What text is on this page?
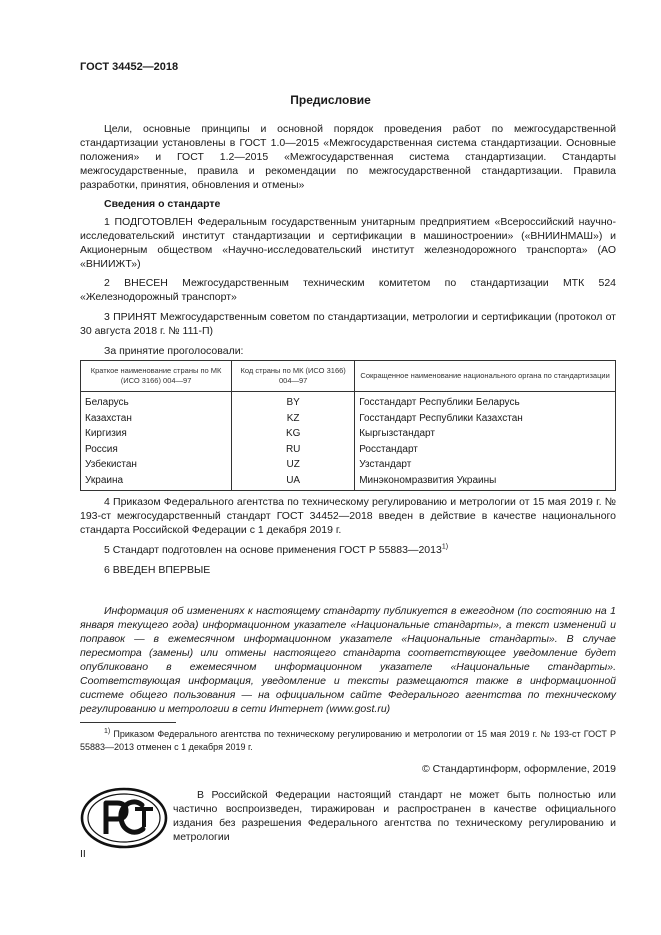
ГОСТ 34452—2018
Предисловие

Цели, основные принципы и основной порядок проведения работ по межгосударственной стандартизации установлены в ГОСТ 1.0—2015 «Межгосударственная система стандартизации. Основные положения» и ГОСТ 1.2—2015 «Межгосударственная система стандартизации. Стандарты межгосударственные, правила и рекомендации по межгосударственной стандартизации. Правила разработки, принятия, обновления и отмены»

Сведения о стандарте

1 ПОДГОТОВЛЕН Федеральным государственным унитарным предприятием «Всероссийский научно-исследовательский институт стандартизации и сертификации в машиностроении» («ВНИИНМАШ») и Акционерным обществом «Научно-исследовательский институт железнодорожного транспорта» (АО «ВНИИЖТ»)

2 ВНЕСЕН Межгосударственным техническим комитетом по стандартизации МТК 524 «Железнодорожный транспорт»

3 ПРИНЯТ Межгосударственным советом по стандартизации, метрологии и сертификации (протокол от 30 августа 2018 г. № 111-П)

За принятие проголосовали:

Краткое наименование страны по МК (ИСО 3166) 004—97	Код страны по МК (ИСО 3166) 004—97	Сокращенное наименование национального органа по стандартизации
Беларусь	BY	Госстандарт Республики Беларусь
Казахстан	KZ	Госстандарт Республики Казахстан
Киргизия	KG	Кыргызстандарт
Россия	RU	Росстандарт
Узбекистан	UZ	Узстандарт
Украина	UA	Минэкономразвития Украины

4 Приказом Федерального агентства по техническому регулированию и метрологии от 15 мая 2019 г. № 193-ст межгосударственный стандарт ГОСТ 34452—2018 введен в действие в качестве национального стандарта Российской Федерации с 1 декабря 2019 г.

5 Стандарт подготовлен на основе применения ГОСТ Р 55883—2013$^{1)}$

6 ВВЕДЕН ВПЕРВЫЕ

Информация об изменениях к настоящему стандарту публикуется в ежегодном (по состоянию на 1 января текущего года) информационном указателе «Национальные стандарты», а текст изменений и поправок — в ежемесячном информационном указателе «Национальные стандарты». В случае пересмотра (замены) или отмены настоящего стандарта соответствующее уведомление будет опубликовано в ежемесячном информационном указателе «Национальные стандарты». Соответствующая информация, уведомление и тексты размещаются также в информационной системе общего пользования — на официальном сайте Федерального агентства по техническому регулированию и метрологии в сети Интернет (www.gost.ru)

$^{1)}$ Приказом Федерального агентства по техническому регулированию и метрологии от 15 мая 2019 г. № 193-ст ГОСТ Р 55883—2013 отменен с 1 декабря 2019 г.

© Стандартинформ, оформление, 2019

В Российской Федерации настоящий стандарт не может быть полностью или частично воспроизведен, тиражирован и распространен в качестве официального издания без разрешения Федерального агентства по техническому регулированию и метрологии

II
